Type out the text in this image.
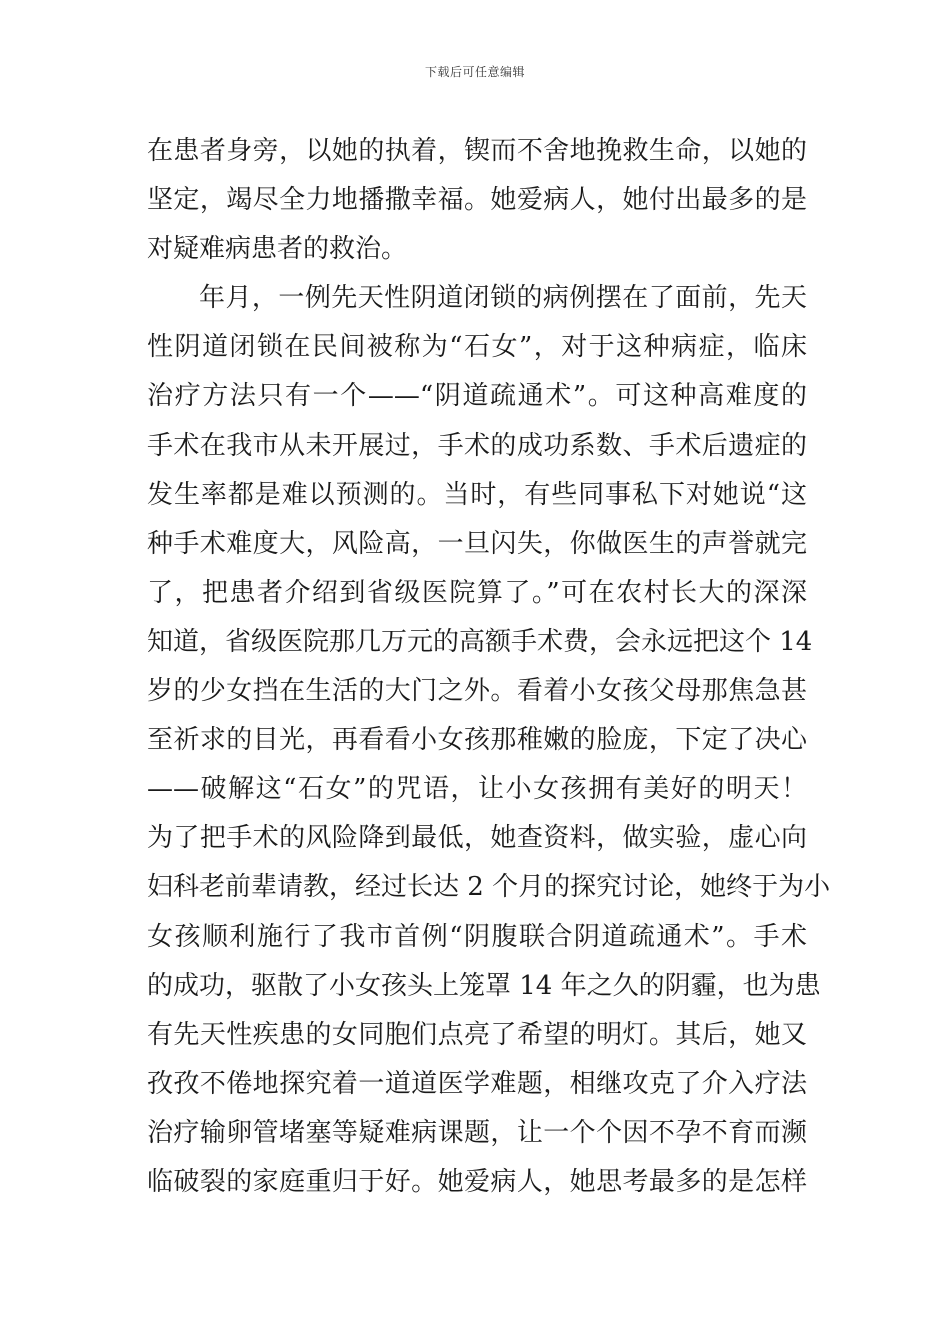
下载后可任意编辑
在患者身旁，以她的执着，锲而不舍地挽救生命，以她的
坚定，竭尽全力地播撒幸福。她爱病人，她付出最多的是
对疑难病患者的救治。
年月，一例先天性阴道闭锁的病例摆在了面前，先天
性阴道闭锁在民间被称为“石女”，对于这种病症，临床
治疗方法只有一个——“阴道疏通术”。可这种高难度的
手术在我市从未开展过，手术的成功系数、手术后遗症的
发生率都是难以预测的。当时，有些同事私下对她说“这
种手术难度大，风险高，一旦闪失，你做医生的声誉就完
了，把患者介绍到省级医院算了。”可在农村长大的深深
知道，省级医院那几万元的高额手术费，会永远把这个 14
岁的少女挡在生活的大门之外。看着小女孩父母那焦急甚
至祈求的目光，再看看小女孩那稚嫩的脸庞，下定了决心
——破解这“石女”的咒语，让小女孩拥有美好的明天！
为了把手术的风险降到最低，她查资料，做实验，虚心向
妇科老前辈请教，经过长达 2 个月的探究讨论，她终于为小
女孩顺利施行了我市首例“阴腹联合阴道疏通术”。手术
的成功，驱散了小女孩头上笼罩 14 年之久的阴霾，也为患
有先天性疾患的女同胞们点亮了希望的明灯。其后，她又
孜孜不倦地探究着一道道医学难题，相继攻克了介入疗法
治疗输卵管堵塞等疑难病课题，让一个个因不孕不育而濒
临破裂的家庭重归于好。她爱病人，她思考最多的是怎样
